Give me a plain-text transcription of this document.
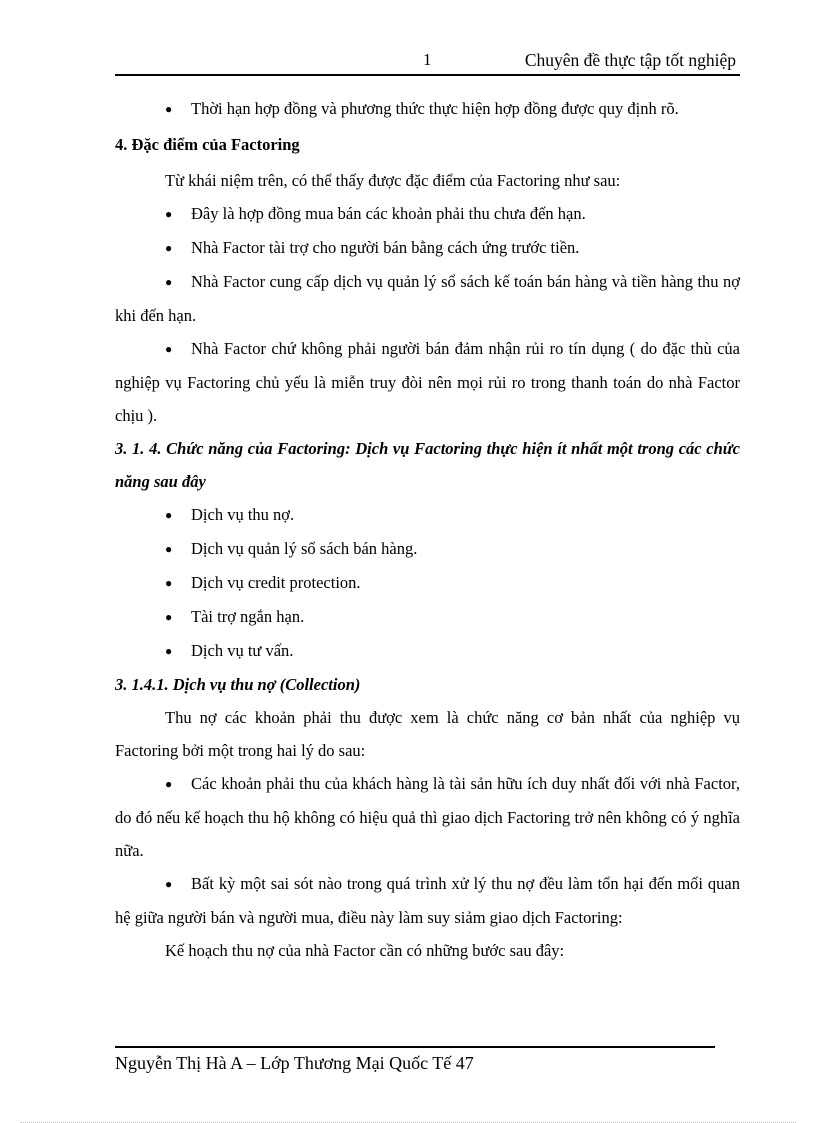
1	Chuyên đề thực tập tốt nghiệp

● Thời hạn hợp đồng và phương thức thực hiện hợp đồng được quy định rõ.

4. Đặc điểm của Factoring

Từ khái niệm trên, có thể thấy được đặc điểm của Factoring như sau:

● Đây là hợp đồng mua bán các khoản phải thu chưa đến hạn.

● Nhà Factor tài trợ cho người bán bằng cách ứng trước tiền.

● Nhà Factor cung cấp dịch vụ quản lý sổ sách kế toán bán hàng và tiền hàng thu nợ khi đến hạn.

● Nhà Factor chứ không phải người bán đảm nhận rủi ro tín dụng ( do đặc thù của nghiệp vụ Factoring chủ yếu là miễn truy đòi nên mọi rủi ro trong thanh toán do nhà Factor chịu ).

3. 1. 4. Chức năng của Factoring: Dịch vụ Factoring thực hiện ít nhất một trong các chức năng sau đây

● Dịch vụ thu nợ.

● Dịch vụ quản lý sổ sách bán hàng.

● Dịch vụ credit protection.

● Tài trợ ngắn hạn.

● Dịch vụ tư vấn.

3. 1.4.1. Dịch vụ thu nợ (Collection)

Thu nợ các khoản phải thu được xem là chức năng cơ bản nhất của nghiệp vụ Factoring bởi một trong hai lý do sau:

● Các khoản phải thu của khách hàng là tài sản hữu ích duy nhất đối với nhà Factor, do đó nếu kế hoạch thu hộ không có hiệu quả thì giao dịch Factoring trở nên không có ý nghĩa nữa.

● Bất kỳ một sai sót nào trong quá trình xử lý thu nợ đều làm tổn hại đến mối quan hệ giữa người bán và người mua, điều này làm suy siảm giao dịch Factoring:

Kế hoạch thu nợ của nhà Factor cần có những bước sau đây:

Nguyễn Thị Hà A – Lớp Thương Mại Quốc Tế 47
